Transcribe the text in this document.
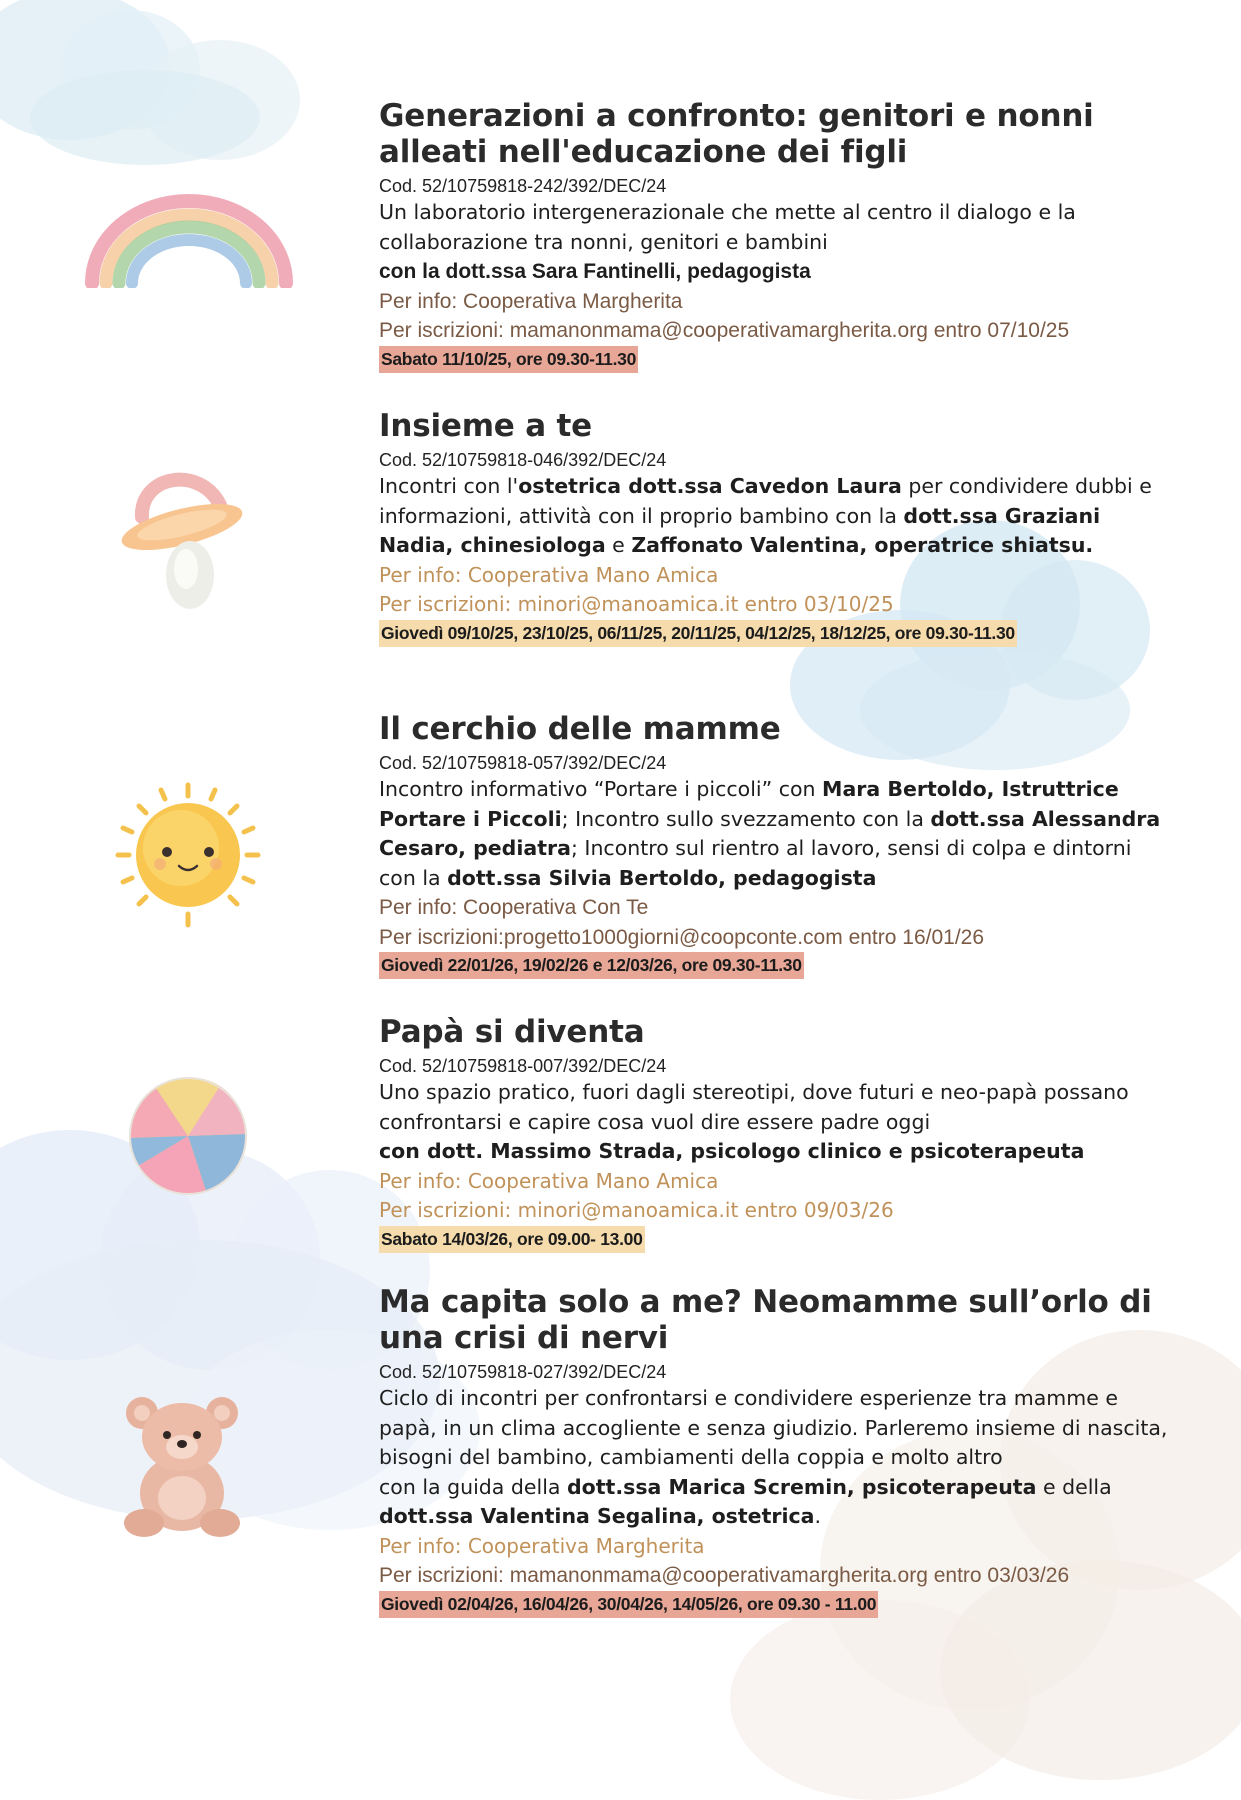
Generazioni a confronto: genitori e nonni alleati nell'educazione dei figli
Cod. 52/10759818-242/392/DEC/24
Un laboratorio intergenerazionale che mette al centro il dialogo e la collaborazione tra nonni, genitori e bambini
con la dott.ssa Sara Fantinelli, pedagogista
Per info: Cooperativa Margherita
Per iscrizioni: mamanonmama@cooperativamargherita.org entro 07/10/25
Sabato 11/10/25, ore 09.30-11.30
Insieme a te
Cod. 52/10759818-046/392/DEC/24
Incontri con l'ostetrica dott.ssa Cavedon Laura per condividere dubbi e informazioni, attività con il proprio bambino con la dott.ssa Graziani Nadia, chinesiologa e Zaffonato Valentina, operatrice shiatsu.
Per info: Cooperativa Mano Amica
Per iscrizioni: minori@manoamica.it entro 03/10/25
Giovedì 09/10/25, 23/10/25, 06/11/25, 20/11/25, 04/12/25, 18/12/25, ore 09.30-11.30
Il cerchio delle mamme
Cod. 52/10759818-057/392/DEC/24
Incontro informativo “Portare i piccoli” con Mara Bertoldo, Istruttrice Portare i Piccoli; Incontro sullo svezzamento con la dott.ssa Alessandra Cesaro, pediatra; Incontro sul rientro al lavoro, sensi di colpa e dintorni con la dott.ssa Silvia Bertoldo, pedagogista
Per info: Cooperativa Con Te
Per iscrizioni:progetto1000giorni@coopconte.com entro 16/01/26
Giovedì 22/01/26, 19/02/26 e 12/03/26, ore 09.30-11.30
Papà si diventa
Cod. 52/10759818-007/392/DEC/24
Uno spazio pratico, fuori dagli stereotipi, dove futuri e neo-papà possano confrontarsi e capire cosa vuol dire essere padre oggi
con dott. Massimo Strada, psicologo clinico e psicoterapeuta
Per info: Cooperativa Mano Amica
Per iscrizioni: minori@manoamica.it entro 09/03/26
Sabato 14/03/26, ore 09.00- 13.00
Ma capita solo a me? Neomamme sull’orlo di una crisi di nervi
Cod. 52/10759818-027/392/DEC/24
Ciclo di incontri per confrontarsi e condividere esperienze tra mamme e papà, in un clima accogliente e senza giudizio. Parleremo insieme di nascita, bisogni del bambino, cambiamenti della coppia e molto altro
con la guida della dott.ssa Marica Scremin, psicoterapeuta e della dott.ssa Valentina Segalina, ostetrica.
Per info: Cooperativa Margherita
Per iscrizioni: mamanonmama@cooperativamargherita.org entro 03/03/26
Giovedì 02/04/26, 16/04/26, 30/04/26, 14/05/26, ore 09.30 - 11.00
